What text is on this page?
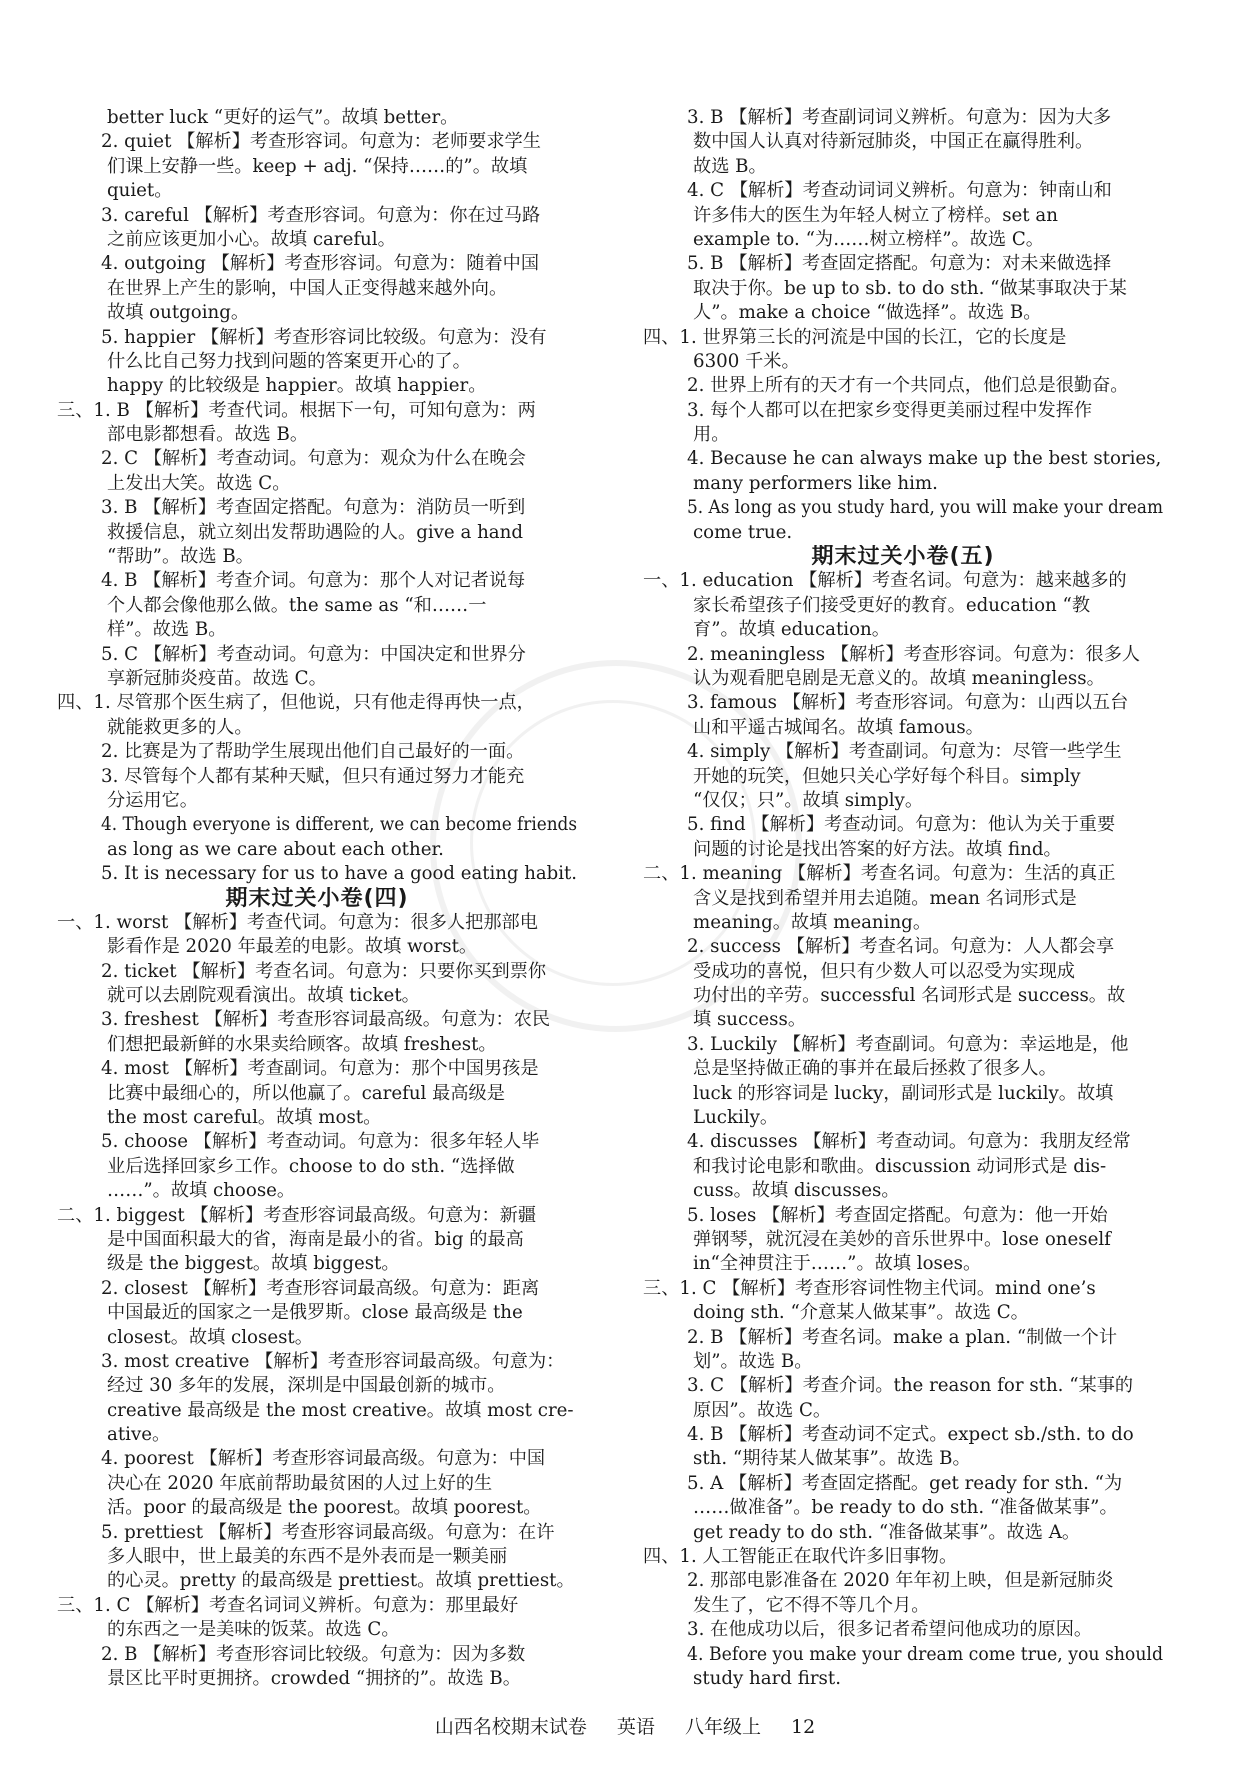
better luck “更好的运气”。故填 better。
2. quiet 【解析】考查形容词。句意为：老师要求学生
们课上安静一些。keep + adj. “保持……的”。故填
quiet。
3. careful 【解析】考查形容词。句意为：你在过马路
之前应该更加小心。故填 careful。
4. outgoing 【解析】考查形容词。句意为：随着中国
在世界上产生的影响，中国人正变得越来越外向。
故填 outgoing。
5. happier 【解析】考查形容词比较级。句意为：没有
什么比自己努力找到问题的答案更开心的了。
happy 的比较级是 happier。故填 happier。
三、1. B 【解析】考查代词。根据下一句，可知句意为：两
部电影都想看。故选 B。
2. C 【解析】考查动词。句意为：观众为什么在晚会
上发出大笑。故选 C。
3. B 【解析】考查固定搭配。句意为：消防员一听到
救援信息，就立刻出发帮助遇险的人。give a hand
“帮助”。故选 B。
4. B 【解析】考查介词。句意为：那个人对记者说每
个人都会像他那么做。the same as “和……一
样”。故选 B。
5. C 【解析】考查动词。句意为：中国决定和世界分
享新冠肺炎疫苗。故选 C。
四、1. 尽管那个医生病了，但他说，只有他走得再快一点，
就能救更多的人。
2. 比赛是为了帮助学生展现出他们自己最好的一面。
3. 尽管每个人都有某种天赋，但只有通过努力才能充
分运用它。
4. Though everyone is different, we can become friends
as long as we care about each other.
5. It is necessary for us to have a good eating habit.
期末过关小卷(四)
一、1. worst 【解析】考查代词。句意为：很多人把那部电
影看作是 2020 年最差的电影。故填 worst。
2. ticket 【解析】考查名词。句意为：只要你买到票你
就可以去剧院观看演出。故填 ticket。
3. freshest 【解析】考查形容词最高级。句意为：农民
们想把最新鲜的水果卖给顾客。故填 freshest。
4. most 【解析】考查副词。句意为：那个中国男孩是
比赛中最细心的，所以他赢了。careful 最高级是
the most careful。故填 most。
5. choose 【解析】考查动词。句意为：很多年轻人毕
业后选择回家乡工作。choose to do sth. “选择做
……”。故填 choose。
二、1. biggest 【解析】考查形容词最高级。句意为：新疆
是中国面积最大的省，海南是最小的省。big 的最高
级是 the biggest。故填 biggest。
2. closest 【解析】考查形容词最高级。句意为：距离
中国最近的国家之一是俄罗斯。close 最高级是 the
closest。故填 closest。
3. most creative 【解析】考查形容词最高级。句意为：
经过 30 多年的发展，深圳是中国最创新的城市。
creative 最高级是 the most creative。故填 most cre-
ative。
4. poorest 【解析】考查形容词最高级。句意为：中国
决心在 2020 年底前帮助最贫困的人过上好的生
活。poor 的最高级是 the poorest。故填 poorest。
5. prettiest 【解析】考查形容词最高级。句意为：在许
多人眼中，世上最美的东西不是外表而是一颗美丽
的心灵。pretty 的最高级是 prettiest。故填 prettiest。
三、1. C 【解析】考查名词词义辨析。句意为：那里最好
的东西之一是美味的饭菜。故选 C。
2. B 【解析】考查形容词比较级。句意为：因为多数
景区比平时更拥挤。crowded “拥挤的”。故选 B。
3. B 【解析】考查副词词义辨析。句意为：因为大多
数中国人认真对待新冠肺炎，中国正在赢得胜利。
故选 B。
4. C 【解析】考查动词词义辨析。句意为：钟南山和
许多伟大的医生为年轻人树立了榜样。set an
example to. “为……树立榜样”。故选 C。
5. B 【解析】考查固定搭配。句意为：对未来做选择
取决于你。be up to sb. to do sth. “做某事取决于某
人”。make a choice “做选择”。故选 B。
四、1. 世界第三长的河流是中国的长江，它的长度是
6300 千米。
2. 世界上所有的天才有一个共同点，他们总是很勤奋。
3. 每个人都可以在把家乡变得更美丽过程中发挥作
用。
4. Because he can always make up the best stories,
many performers like him.
5. As long as you study hard, you will make your dream
come true.
期末过关小卷(五)
一、1. education 【解析】考查名词。句意为：越来越多的
家长希望孩子们接受更好的教育。education “教
育”。故填 education。
2. meaningless 【解析】考查形容词。句意为：很多人
认为观看肥皂剧是无意义的。故填 meaningless。
3. famous 【解析】考查形容词。句意为：山西以五台
山和平遥古城闻名。故填 famous。
4. simply 【解析】考查副词。句意为：尽管一些学生
开她的玩笑，但她只关心学好每个科目。simply
“仅仅；只”。故填 simply。
5. find 【解析】考查动词。句意为：他认为关于重要
问题的讨论是找出答案的好方法。故填 find。
二、1. meaning 【解析】考查名词。句意为：生活的真正
含义是找到希望并用去追随。mean 名词形式是
meaning。故填 meaning。
2. success 【解析】考查名词。句意为：人人都会享
受成功的喜悦，但只有少数人可以忍受为实现成
功付出的辛劳。successful 名词形式是 success。故
填 success。
3. Luckily 【解析】考查副词。句意为：幸运地是，他
总是坚持做正确的事并在最后拯救了很多人。
luck 的形容词是 lucky，副词形式是 luckily。故填
Luckily。
4. discusses 【解析】考查动词。句意为：我朋友经常
和我讨论电影和歌曲。discussion 动词形式是 dis-
cuss。故填 discusses。
5. loses 【解析】考查固定搭配。句意为：他一开始
弹钢琴，就沉浸在美妙的音乐世界中。lose oneself
in“全神贯注于……”。故填 loses。
三、1. C 【解析】考查形容词性物主代词。mind one’s
doing sth. “介意某人做某事”。故选 C。
2. B 【解析】考查名词。make a plan. “制做一个计
划”。故选 B。
3. C 【解析】考查介词。the reason for sth. “某事的
原因”。故选 C。
4. B 【解析】考查动词不定式。expect sb./sth. to do
sth. “期待某人做某事”。故选 B。
5. A 【解析】考查固定搭配。get ready for sth. “为
……做准备”。be ready to do sth. “准备做某事”。
get ready to do sth. “准备做某事”。故选 A。
四、1. 人工智能正在取代许多旧事物。
2. 那部电影准备在 2020 年年初上映，但是新冠肺炎
发生了，它不得不等几个月。
3. 在他成功以后，很多记者希望问他成功的原因。
4. Before you make your dream come true, you should
study hard first.
山西名校期末试卷 英语 八年级上 12
